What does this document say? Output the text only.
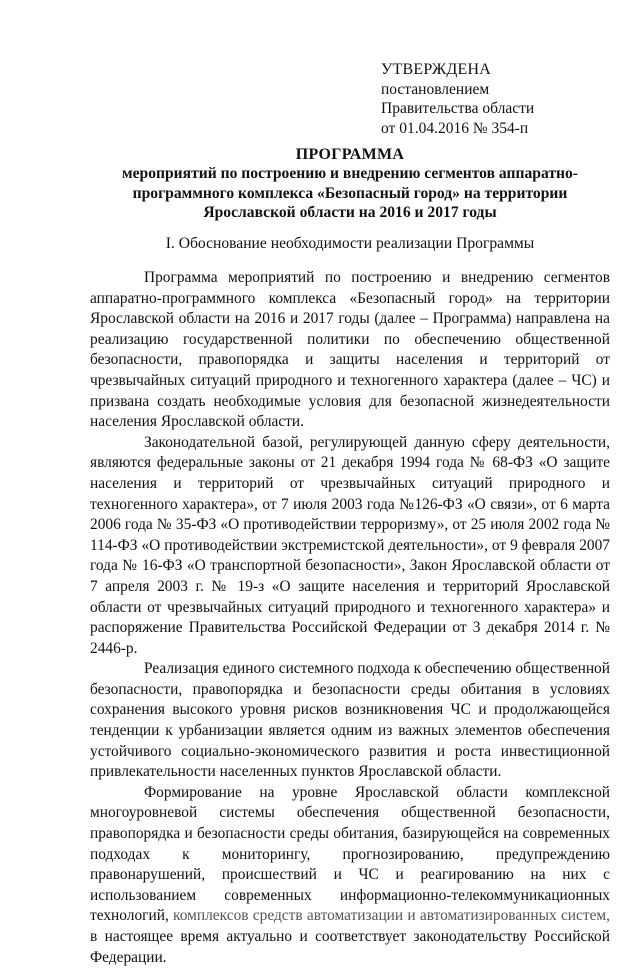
УТВЕРЖДЕНА
постановлением
Правительства области
от 01.04.2016 № 354-п
ПРОГРАММА
мероприятий по построению и внедрению сегментов аппаратно-
программного комплекса «Безопасный город» на территории
Ярославской области на 2016 и 2017 годы
I. Обоснование необходимости реализации Программы

Программа мероприятий по построению и внедрению сегментов аппаратно-программного комплекса «Безопасный город» на территории Ярославской области на 2016 и 2017 годы (далее – Программа) направлена на реализацию государственной политики по обеспечению общественной безопасности, правопорядка и защиты населения и территорий от чрезвычайных ситуаций природного и техногенного характера (далее – ЧС) и призвана создать необходимые условия для безопасной жизнедеятельности населения Ярославской области.

Законодательной базой, регулирующей данную сферу деятельности, являются федеральные законы от 21 декабря 1994 года № 68-ФЗ «О защите населения и территорий от чрезвычайных ситуаций природного и техногенного характера», от 7 июля 2003 года №126-ФЗ «О связи», от 6 марта 2006 года № 35-ФЗ «О противодействии терроризму», от 25 июля 2002 года № 114-ФЗ «О противодействии экстремистской деятельности», от 9 февраля 2007 года № 16-ФЗ «О транспортной безопасности», Закон Ярославской области от 7 апреля 2003 г. № 19-з «О защите населения и территорий Ярославской области от чрезвычайных ситуаций природного и техногенного характера» и распоряжение Правительства Российской Федерации от 3 декабря 2014 г. № 2446-р.

Реализация единого системного подхода к обеспечению общественной безопасности, правопорядка и безопасности среды обитания в условиях сохранения высокого уровня рисков возникновения ЧС и продолжающейся тенденции к урбанизации является одним из важных элементов обеспечения устойчивого социально-экономического развития и роста инвестиционной привлекательности населенных пунктов Ярославской области.

Формирование на уровне Ярославской области комплексной многоуровневой системы обеспечения общественной безопасности, правопорядка и безопасности среды обитания, базирующейся на современных подходах к мониторингу, прогнозированию, предупреждению правонарушений, происшествий и ЧС и реагированию на них с использованием современных информационно-телекоммуникационных технологий, комплексов средств автоматизации и автоматизированных систем, в настоящее время актуально и соответствует законодательству Российской Федерации.
